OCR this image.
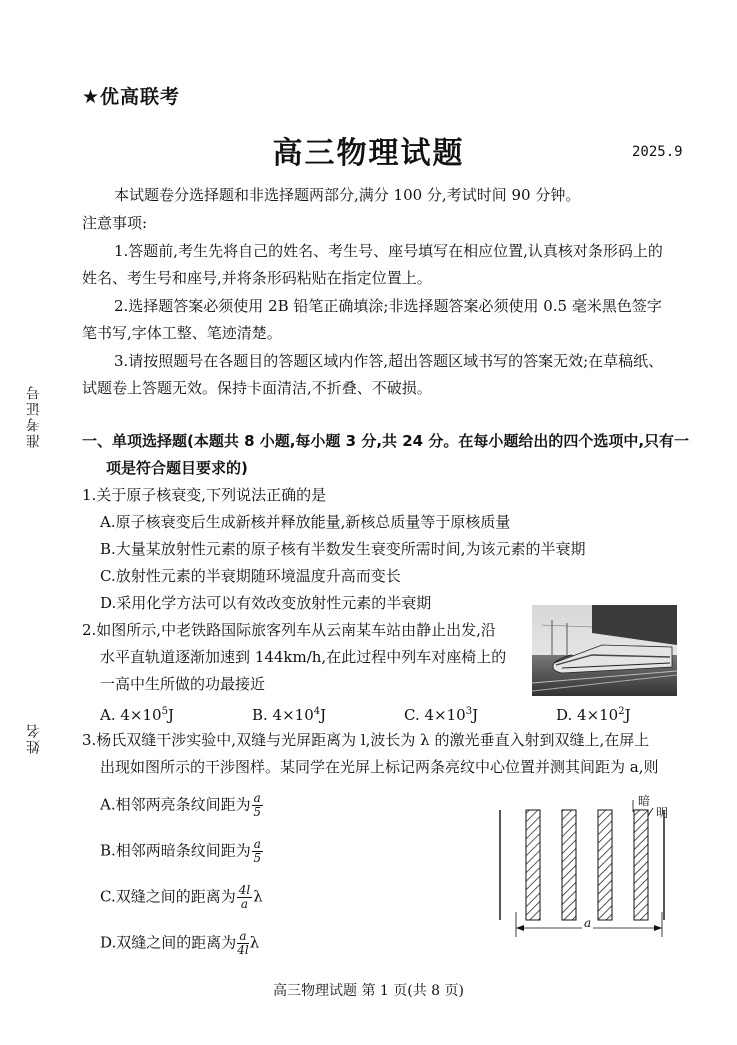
★优高联考
高三物理试题	2025.9
本试题卷分选择题和非选择题两部分,满分 100 分,考试时间 90 分钟。
注意事项:
1.答题前,考生先将自己的姓名、考生号、座号填写在相应位置,认真核对条形码上的
姓名、考生号和座号,并将条形码粘贴在指定位置上。
2.选择题答案必须使用 2B 铅笔正确填涂;非选择题答案必须使用 0.5 毫米黑色签字
笔书写,字体工整、笔迹清楚。
3.请按照题号在各题目的答题区域内作答,超出答题区域书写的答案无效;在草稿纸、
试题卷上答题无效。保持卡面清洁,不折叠、不破损。
准考证号
姓名
一、单项选择题(本题共 8 小题,每小题 3 分,共 24 分。在每小题给出的四个选项中,只有一
项是符合题目要求的)
1.关于原子核衰变,下列说法正确的是
A.原子核衰变后生成新核并释放能量,新核总质量等于原核质量
B.大量某放射性元素的原子核有半数发生衰变所需时间,为该元素的半衰期
C.放射性元素的半衰期随环境温度升高而变长
D.采用化学方法可以有效改变放射性元素的半衰期
2.如图所示,中老铁路国际旅客列车从云南某车站由静止出发,沿
水平直轨道逐渐加速到 144km/h,在此过程中列车对座椅上的
一高中生所做的功最接近
A. $4\times 10^5J$	B. $4\times 10^4J$	C. $4\times 10^3J$	D. $4\times 10^2J$
3.杨氏双缝干涉实验中,双缝与光屏距离为 l,波长为 λ 的激光垂直入射到双缝上,在屏上
出现如图所示的干涉图样。某同学在光屏上标记两条亮纹中心位置并测其间距为 a,则
A.相邻两亮条纹间距为 $\frac{a}{5}$
B.相邻两暗条纹间距为 $\frac{a}{5}$
C.双缝之间的距离为 $\frac{4l}{a}$ λ
D.双缝之间的距离为 $\frac{a}{4l}$ λ
暗
明
a
高三物理试题 第 1 页(共 8 页)
